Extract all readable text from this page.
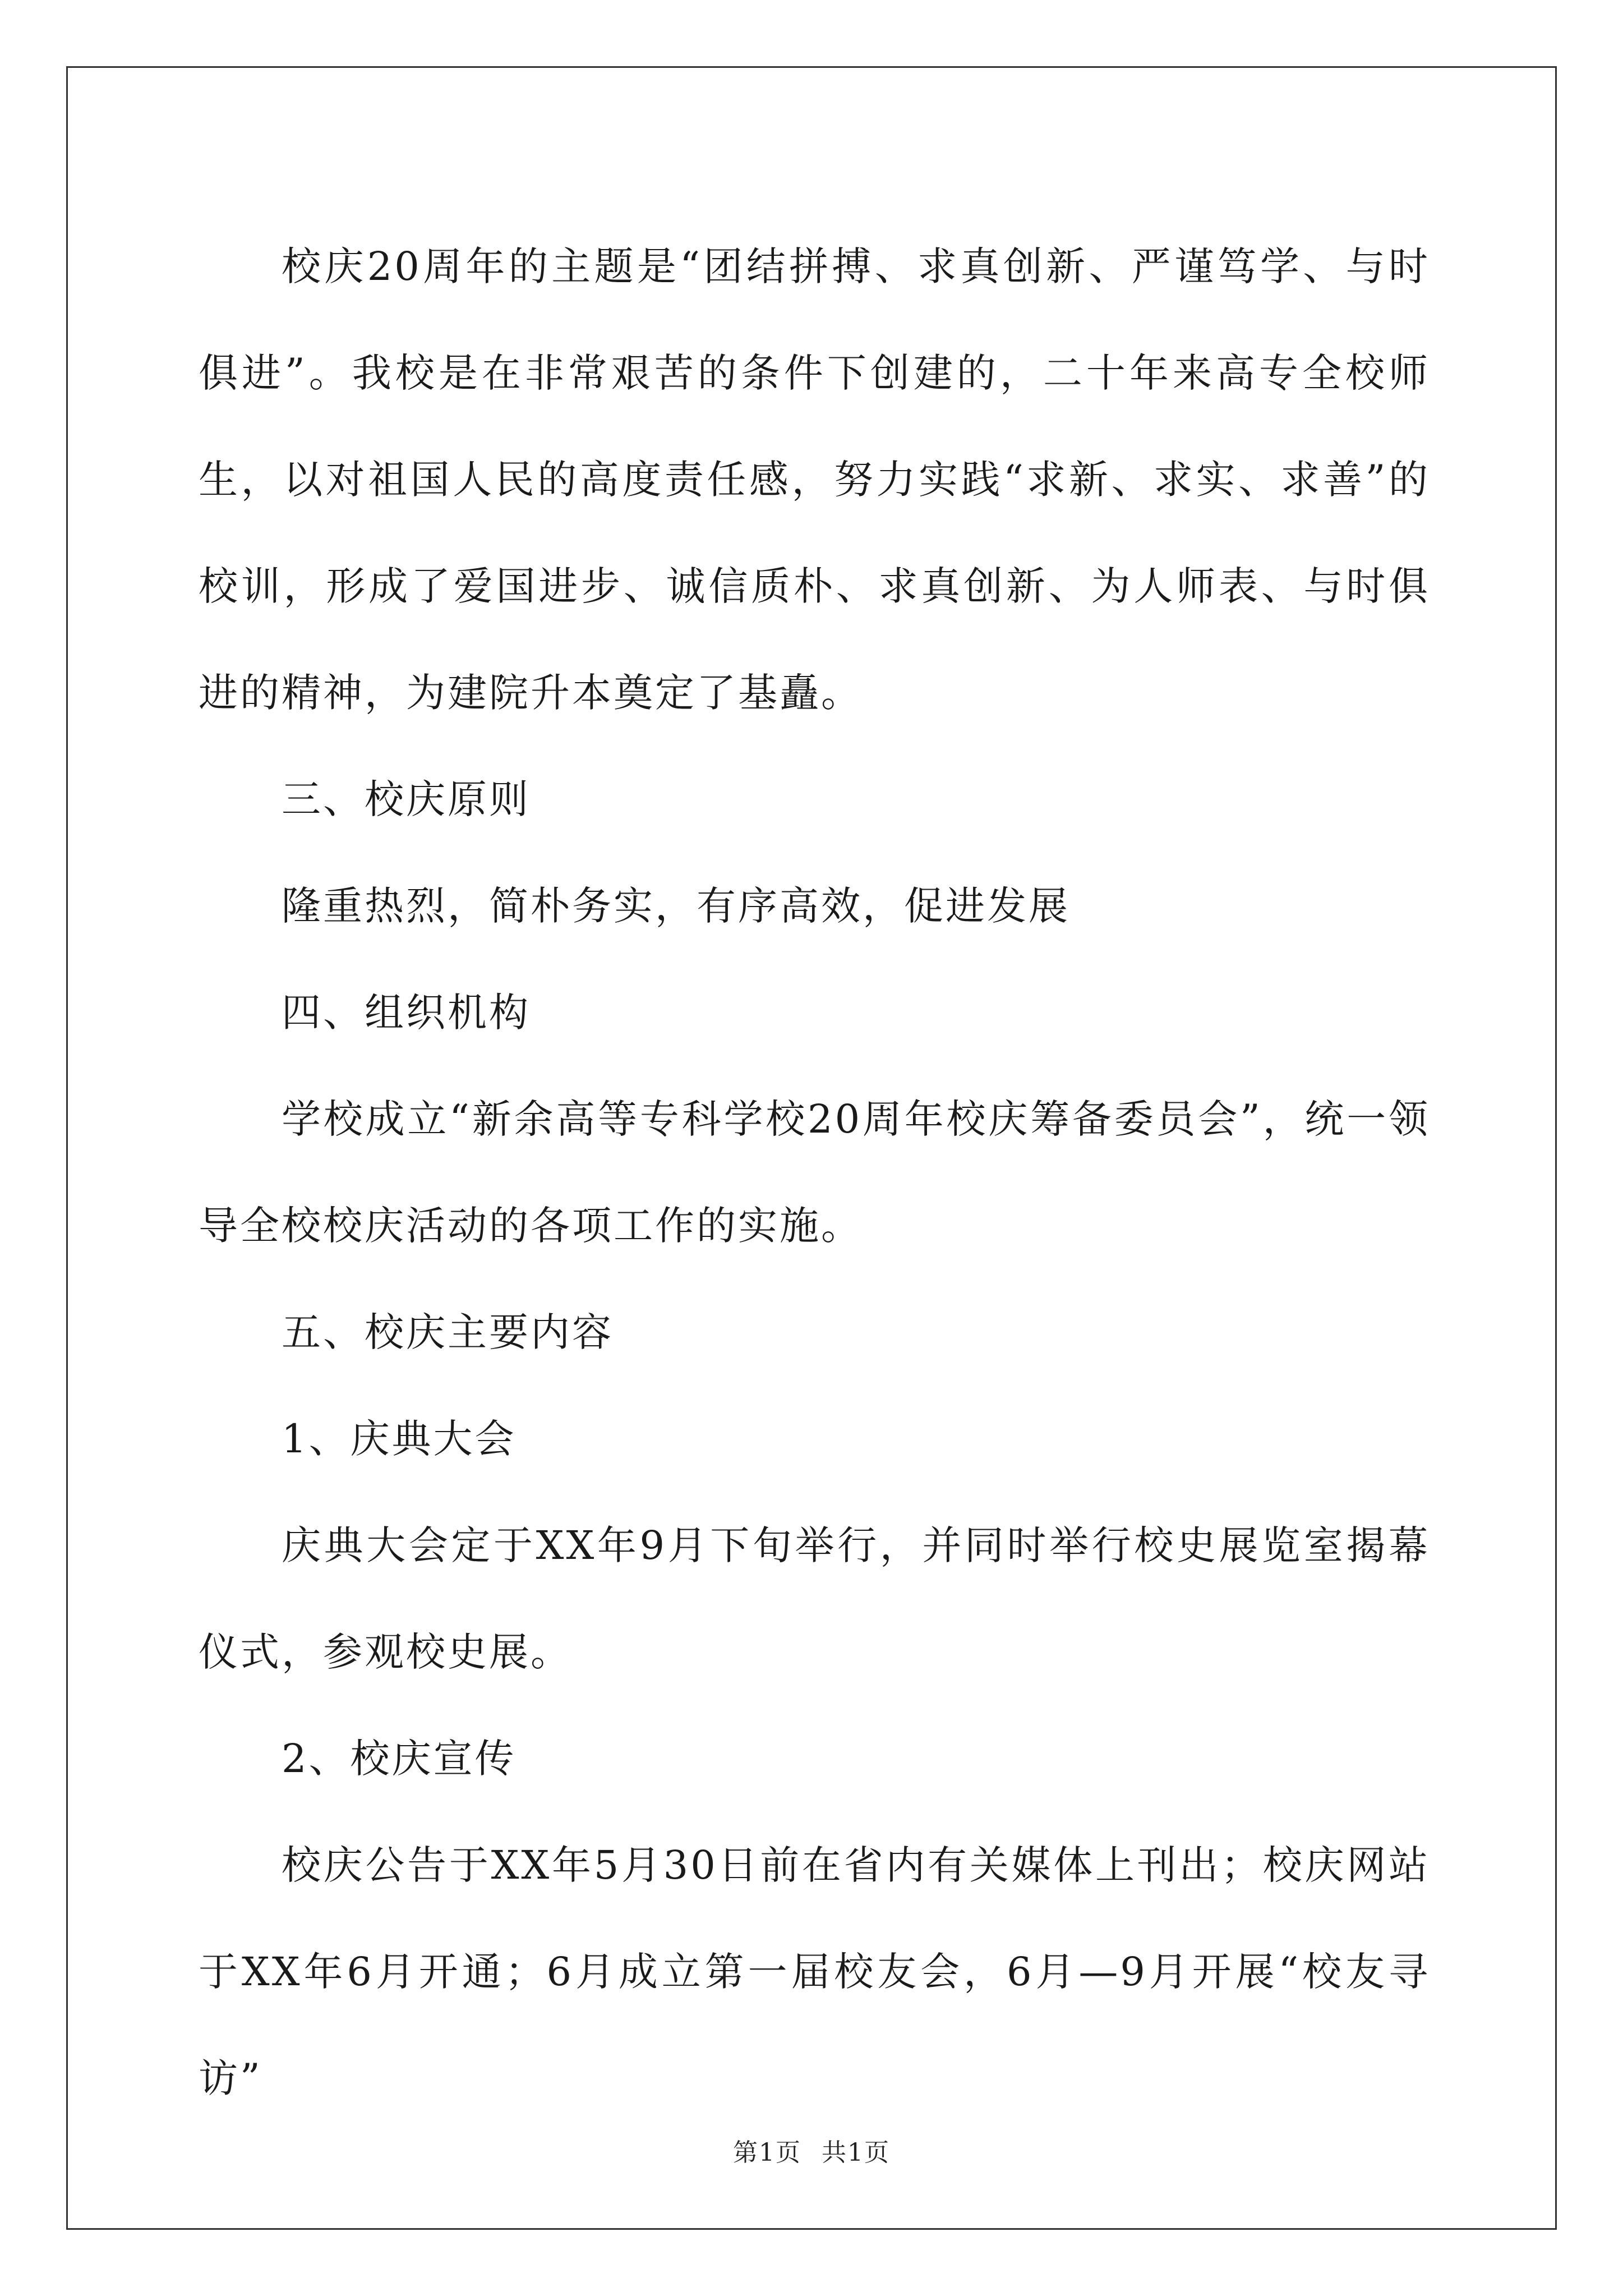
校庆20周年的主题是“团结拼搏、求真创新、严谨笃学、与时俱进”。我校是在非常艰苦的条件下创建的，二十年来高专全校师生，以对祖国人民的高度责任感，努力实践“求新、求实、求善”的校训，形成了爱国进步、诚信质朴、求真创新、为人师表、与时俱进的精神，为建院升本奠定了基矗。

三、校庆原则

隆重热烈，简朴务实，有序高效，促进发展

四、组织机构

学校成立“新余高等专科学校20周年校庆筹备委员会”，统一领导全校校庆活动的各项工作的实施。

五、校庆主要内容

1、庆典大会

庆典大会定于XX年9月下旬举行，并同时举行校史展览室揭幕仪式，参观校史展。

2、校庆宣传

校庆公告于XX年5月30日前在省内有关媒体上刊出；校庆网站于XX年6月开通；6月成立第一届校友会，6月—9月开展“校友寻访”

第1页 共1页
